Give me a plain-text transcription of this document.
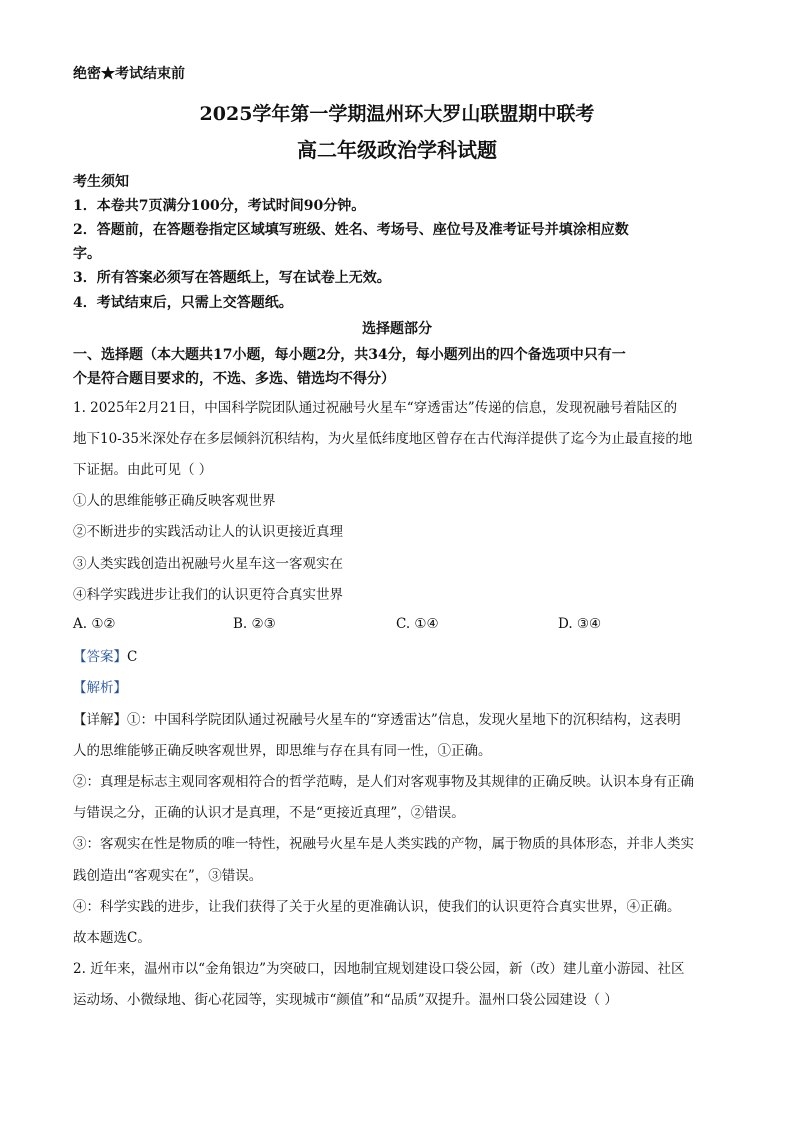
绝密★考试结束前
2025学年第一学期温州环大罗山联盟期中联考
高二年级政治学科试题
考生须知
1．本卷共7页满分100分，考试时间90分钟。
2．答题前，在答题卷指定区域填写班级、姓名、考场号、座位号及准考证号并填涂相应数
字。
3．所有答案必须写在答题纸上，写在试卷上无效。
4．考试结束后，只需上交答题纸。
选择题部分
一、选择题（本大题共17小题，每小题2分，共34分，每小题列出的四个备选项中只有一
个是符合题目要求的，不选、多选、错选均不得分）
1. 2025年2月21日，中国科学院团队通过祝融号火星车“穿透雷达”传递的信息，发现祝融号着陆区的
地下10-35米深处存在多层倾斜沉积结构，为火星低纬度地区曾存在古代海洋提供了迄今为止最直接的地
下证据。由此可见（ ）
①人的思维能够正确反映客观世界
②不断进步的实践活动让人的认识更接近真理
③人类实践创造出祝融号火星车这一客观实在
④科学实践进步让我们的认识更符合真实世界
A. ①②	B. ②③	C. ①④	D. ③④
【答案】C
【解析】
【详解】①：中国科学院团队通过祝融号火星车的“穿透雷达”信息，发现火星地下的沉积结构，这表明
人的思维能够正确反映客观世界，即思维与存在具有同一性，①正确。
②：真理是标志主观同客观相符合的哲学范畴，是人们对客观事物及其规律的正确反映。认识本身有正确
与错误之分，正确的认识才是真理，不是“更接近真理”，②错误。
③：客观实在性是物质的唯一特性，祝融号火星车是人类实践的产物，属于物质的具体形态，并非人类实
践创造出“客观实在”，③错误。
④：科学实践的进步，让我们获得了关于火星的更准确认识，使我们的认识更符合真实世界，④正确。
故本题选C。
2. 近年来，温州市以“金角银边”为突破口，因地制宜规划建设口袋公园，新（改）建儿童小游园、社区
运动场、小微绿地、街心花园等，实现城市“颜值”和“品质”双提升。温州口袋公园建设（ ）
